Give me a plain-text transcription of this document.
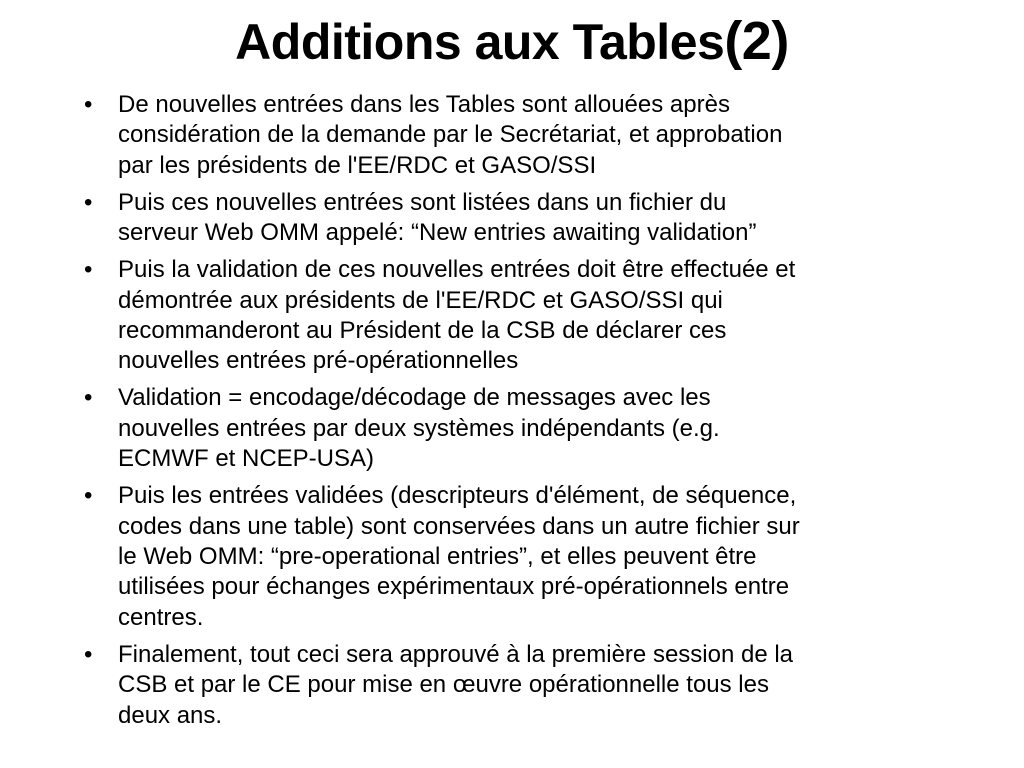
Additions aux Tables(2)
•	De nouvelles entrées dans les Tables sont allouées après
considération de la demande par le Secrétariat, et approbation
par les présidents de l'EE/RDC et GASO/SSI
•	Puis ces nouvelles entrées sont listées dans un fichier du
serveur Web OMM appelé: “New entries awaiting validation”
•	Puis la validation de ces nouvelles entrées doit être effectuée et
démontrée aux présidents de l'EE/RDC et GASO/SSI qui
recommanderont au Président de la CSB de déclarer ces
nouvelles entrées pré-opérationnelles
•	Validation = encodage/décodage de messages avec les
nouvelles entrées par deux systèmes indépendants (e.g.
ECMWF et NCEP-USA)
•	Puis les entrées validées (descripteurs d'élément, de séquence,
codes dans une table) sont conservées dans un autre fichier sur
le Web OMM: “pre-operational entries”, et elles peuvent être
utilisées pour échanges expérimentaux pré-opérationnels entre
centres.
•	Finalement, tout ceci sera approuvé à la première session de la
CSB et par le CE pour mise en œuvre opérationnelle tous les
deux ans.
